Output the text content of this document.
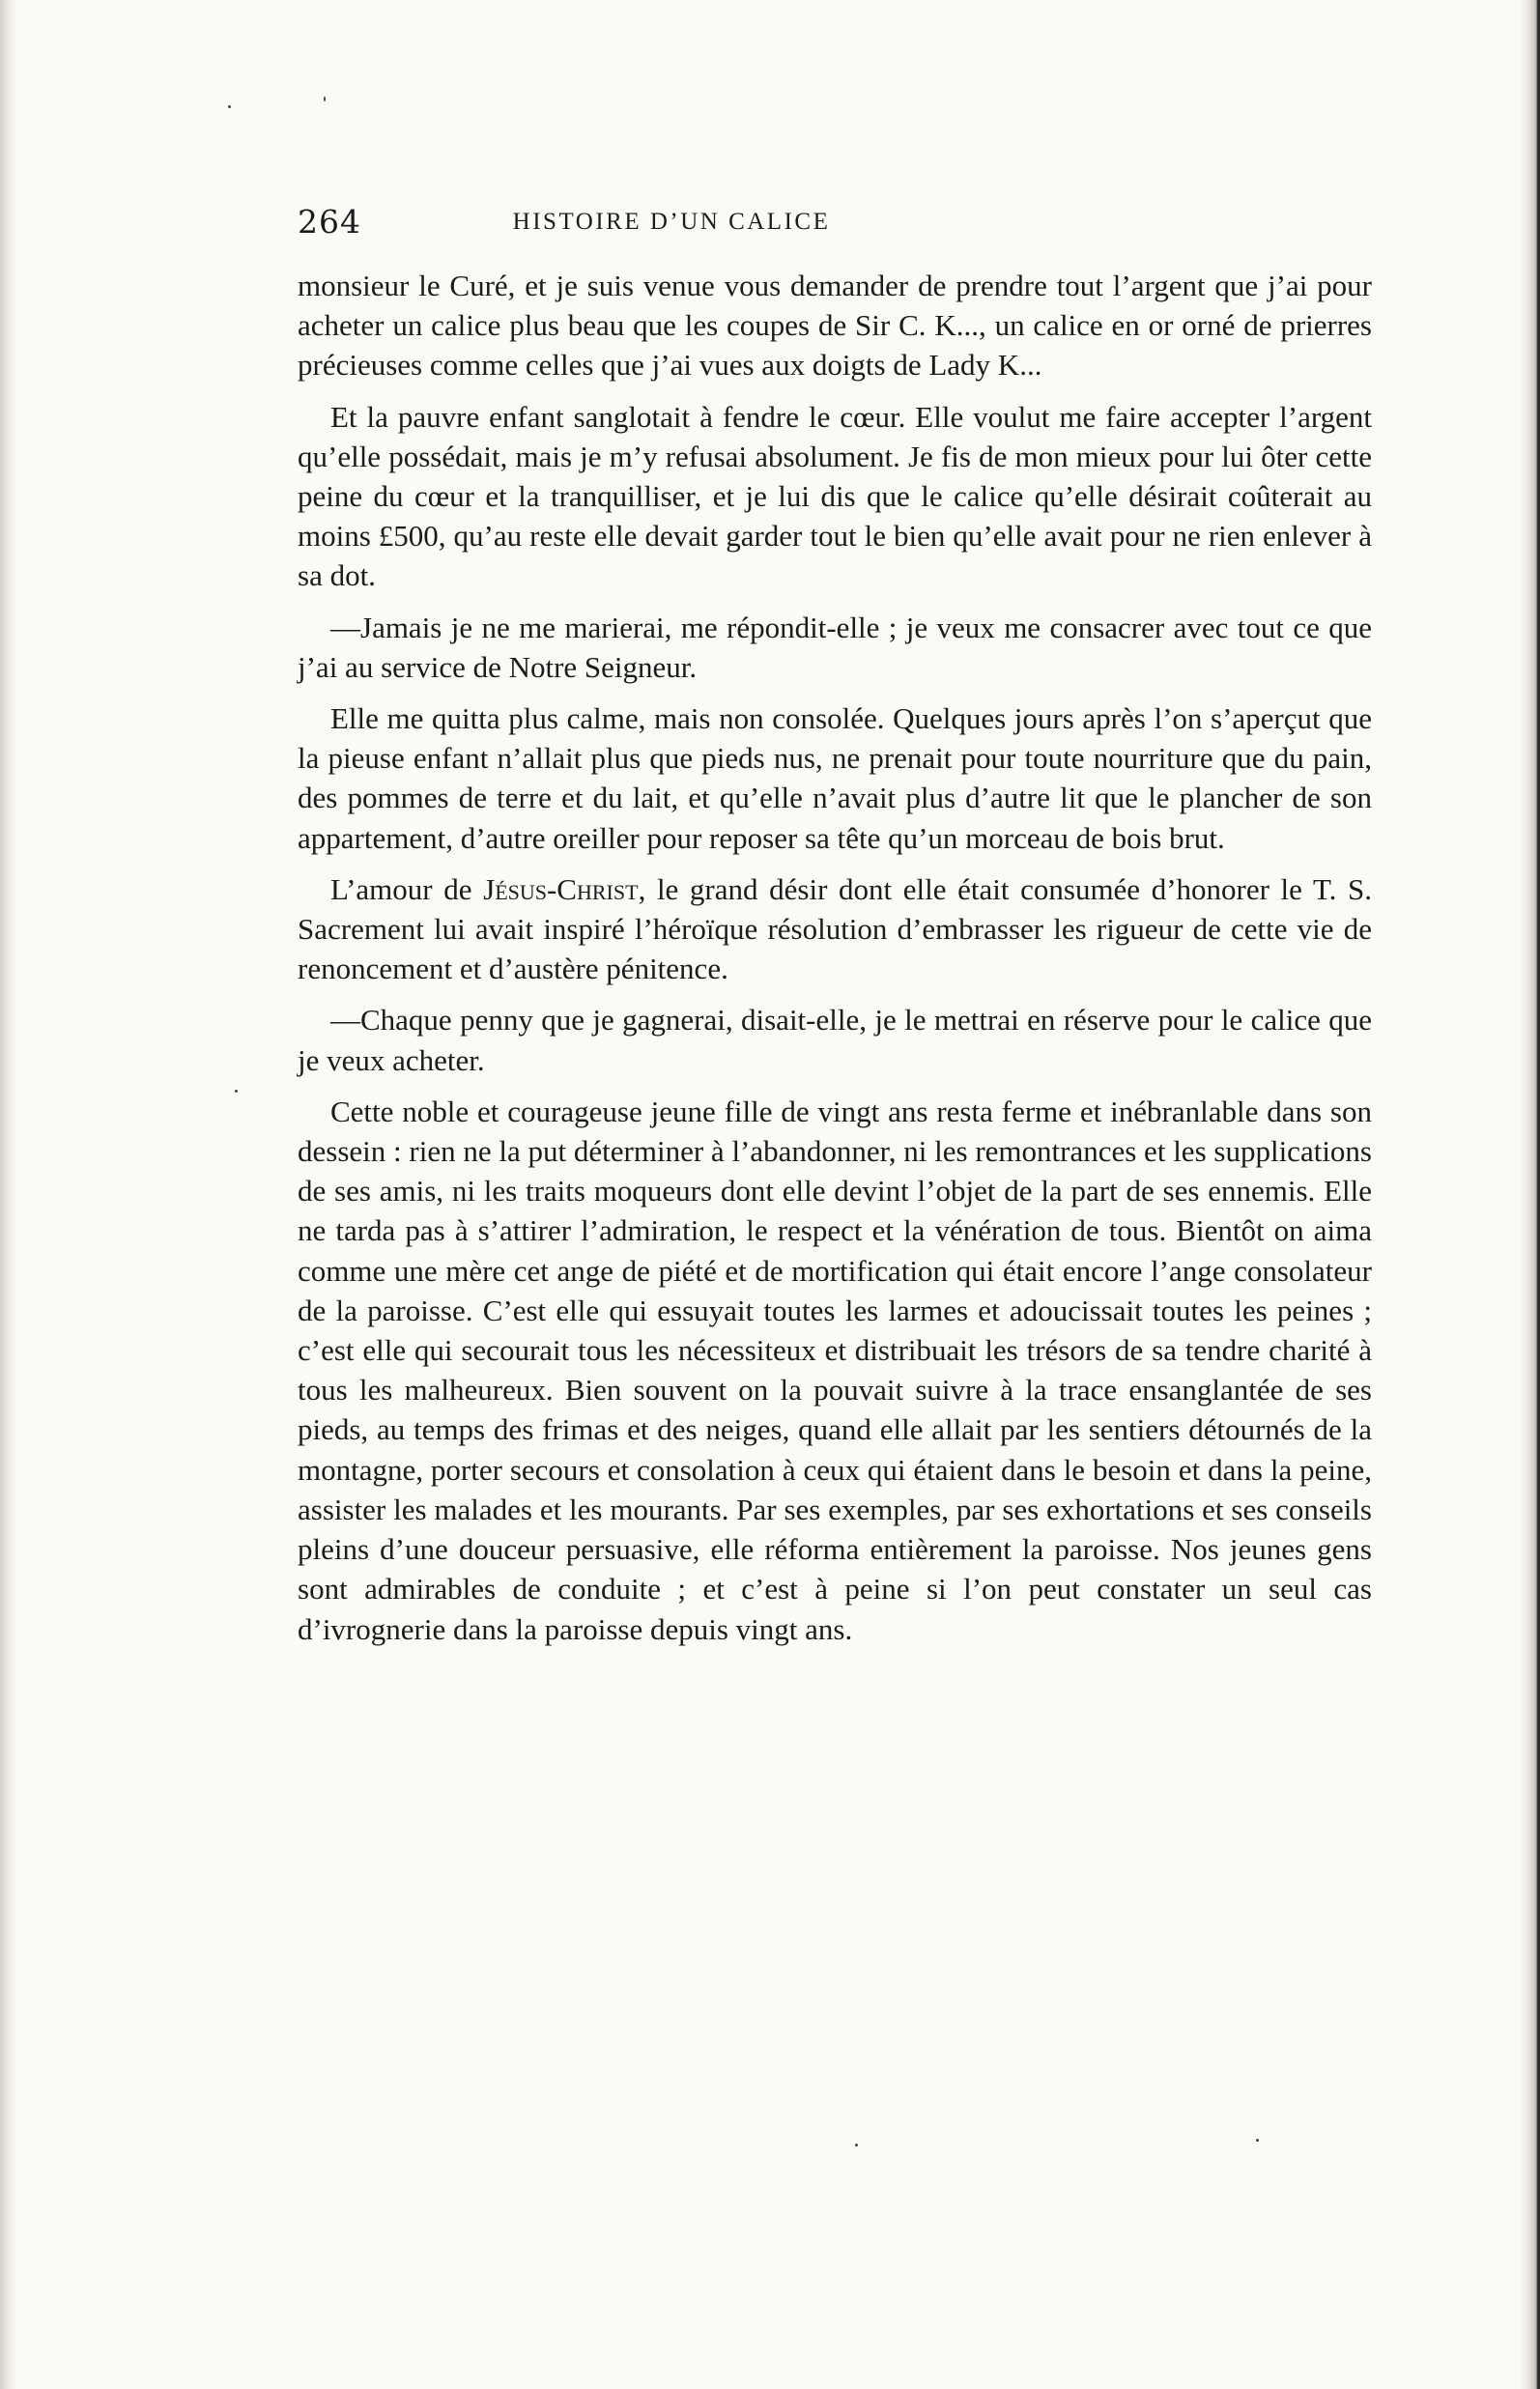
264	HISTOIRE D’UN CALICE

monsieur le Curé, et je suis venue vous demander de prendre tout l’argent que j’ai pour acheter un calice plus beau que les coupes de Sir C. K..., un calice en or orné de prierres précieuses comme celles que j’ai vues aux doigts de Lady K...

Et la pauvre enfant sanglotait à fendre le cœur. Elle voulut me faire accepter l’argent qu’elle possédait, mais je m’y refusai absolument. Je fis de mon mieux pour lui ôter cette peine du cœur et la tranquilliser, et je lui dis que le calice qu’elle désirait coûterait au moins £500, qu’au reste elle devait garder tout le bien qu’elle avait pour ne rien enlever à sa dot.

—Jamais je ne me marierai, me répondit-elle ; je veux me consacrer avec tout ce que j’ai au service de Notre Seigneur.

Elle me quitta plus calme, mais non consolée. Quelques jours après l’on s’aperçut que la pieuse enfant n’allait plus que pieds nus, ne prenait pour toute nourriture que du pain, des pommes de terre et du lait, et qu’elle n’avait plus d’autre lit que le plancher de son appartement, d’autre oreiller pour reposer sa tête qu’un morceau de bois brut.

L’amour de Jésus-Christ, le grand désir dont elle était consumée d’honorer le T. S. Sacrement lui avait inspiré l’héroïque résolution d’embrasser les rigueur de cette vie de renoncement et d’austère pénitence.

—Chaque penny que je gagnerai, disait-elle, je le mettrai en réserve pour le calice que je veux acheter.

Cette noble et courageuse jeune fille de vingt ans resta ferme et inébranlable dans son dessein : rien ne la put déterminer à l’abandonner, ni les remontrances et les supplications de ses amis, ni les traits moqueurs dont elle devint l’objet de la part de ses ennemis. Elle ne tarda pas à s’attirer l’admiration, le respect et la vénération de tous. Bientôt on aima comme une mère cet ange de piété et de mortification qui était encore l’ange consolateur de la paroisse. C’est elle qui essuyait toutes les larmes et adoucissait toutes les peines ; c’est elle qui secourait tous les nécessiteux et distribuait les trésors de sa tendre charité à tous les malheureux. Bien souvent on la pouvait suivre à la trace ensanglantée de ses pieds, au temps des frimas et des neiges, quand elle allait par les sentiers détournés de la montagne, porter secours et consolation à ceux qui étaient dans le besoin et dans la peine, assister les malades et les mourants. Par ses exemples, par ses exhortations et ses conseils pleins d’une douceur persuasive, elle réforma entièrement la paroisse. Nos jeunes gens sont admirables de conduite ; et c’est à peine si l’on peut constater un seul cas d’ivrognerie dans la paroisse depuis vingt ans.
